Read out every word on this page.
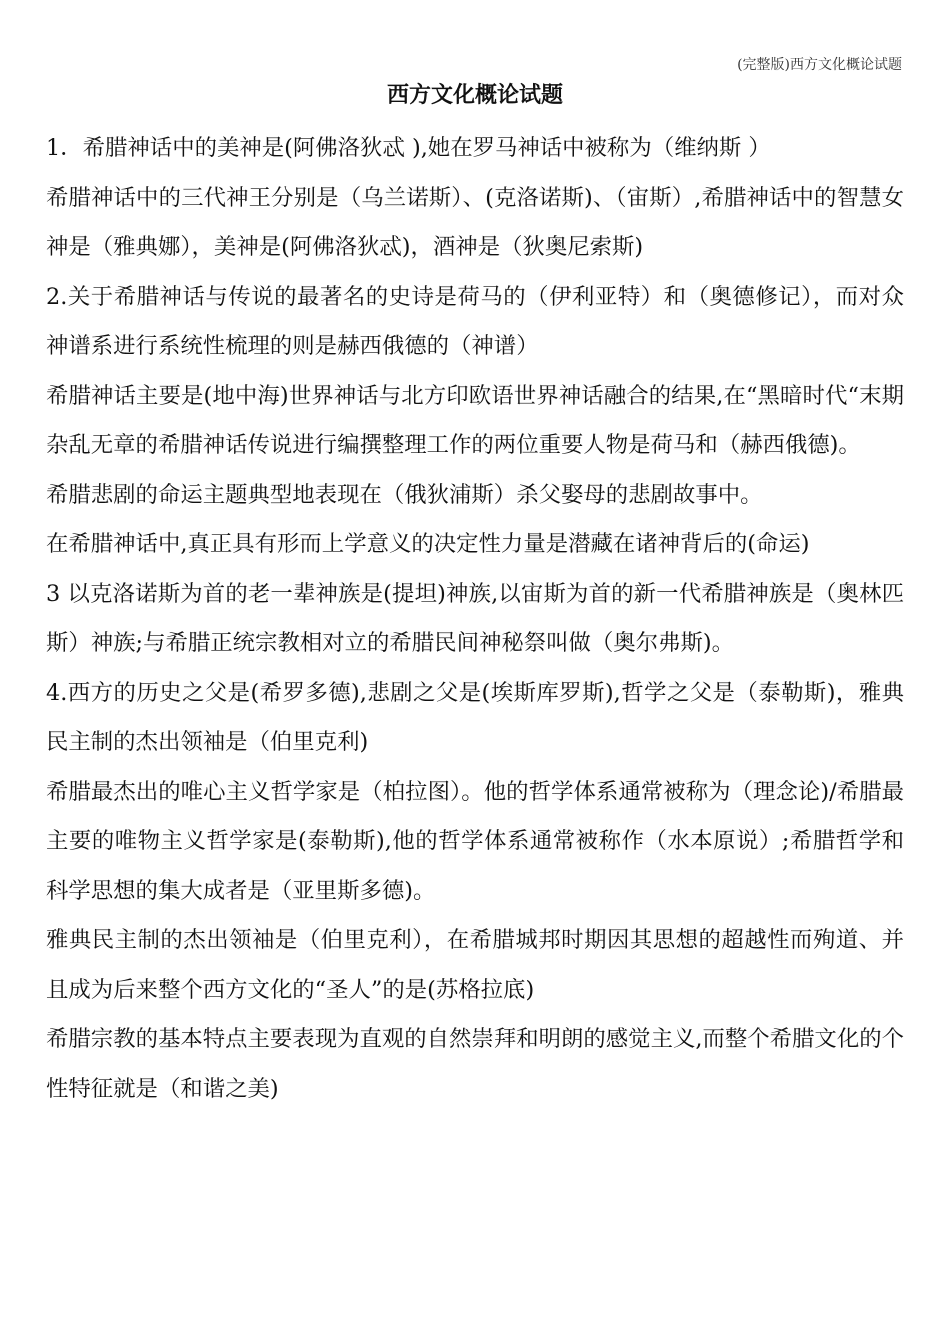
(完整版)西方文化概论试题
西方文化概论试题
1．希腊神话中的美神是(阿佛洛狄忒 ),她在罗马神话中被称为（维纳斯 ）
希腊神话中的三代神王分别是（乌兰诺斯）、(克洛诺斯)、（宙斯）,希腊神话中的智慧女神是（雅典娜），美神是(阿佛洛狄忒)，酒神是（狄奥尼索斯)
2.关于希腊神话与传说的最著名的史诗是荷马的（伊利亚特）和（奥德修记），而对众神谱系进行系统性梳理的则是赫西俄德的（神谱）
希腊神话主要是(地中海)世界神话与北方印欧语世界神话融合的结果,在“黑暗时代“末期杂乱无章的希腊神话传说进行编撰整理工作的两位重要人物是荷马和（赫西俄德)。
希腊悲剧的命运主题典型地表现在（俄狄浦斯）杀父娶母的悲剧故事中。
在希腊神话中,真正具有形而上学意义的决定性力量是潜藏在诸神背后的(命运)
3 以克洛诺斯为首的老一辈神族是(提坦)神族,以宙斯为首的新一代希腊神族是（奥林匹斯）神族;与希腊正统宗教相对立的希腊民间神秘祭叫做（奥尔弗斯)。
4.西方的历史之父是(希罗多德),悲剧之父是(埃斯库罗斯),哲学之父是（泰勒斯)，雅典民主制的杰出领袖是（伯里克利)
希腊最杰出的唯心主义哲学家是（柏拉图）。他的哲学体系通常被称为（理念论)/希腊最主要的唯物主义哲学家是(泰勒斯),他的哲学体系通常被称作（水本原说）;希腊哲学和科学思想的集大成者是（亚里斯多德)。
雅典民主制的杰出领袖是（伯里克利），在希腊城邦时期因其思想的超越性而殉道、并且成为后来整个西方文化的“圣人”的是(苏格拉底)
希腊宗教的基本特点主要表现为直观的自然崇拜和明朗的感觉主义,而整个希腊文化的个性特征就是（和谐之美)
